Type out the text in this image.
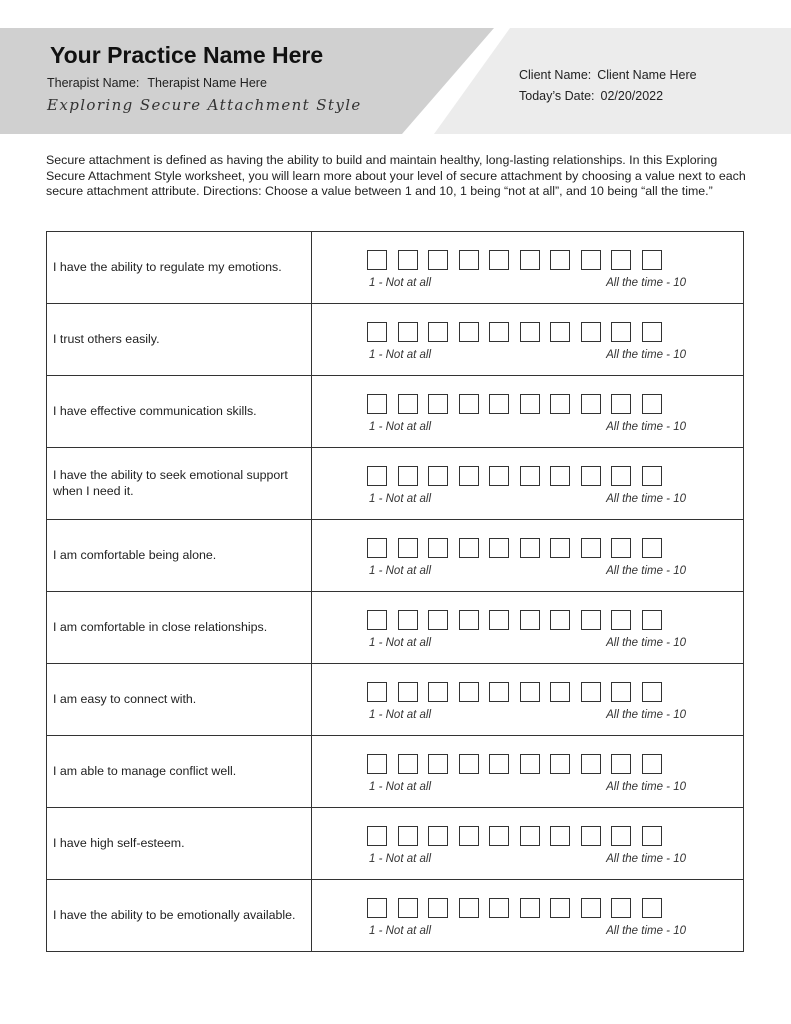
Your Practice Name Here
Therapist Name: Therapist Name Here
Exploring Secure Attachment Style
Client Name: Client Name Here
Today’s Date: 02/20/2022

Secure attachment is defined as having the ability to build and maintain healthy, long-lasting relationships. In this Exploring Secure Attachment Style worksheet, you will learn more about your level of secure attachment by choosing a value next to each secure attachment attribute. Directions: Choose a value between 1 and 10, 1 being “not at all”, and 10 being “all the time.”

I have the ability to regulate my emotions.	1 - Not at all All the time - 10

I trust others easily.	1 - Not at all All the time - 10

I have effective communication skills.	1 - Not at all All the time - 10

I have the ability to seek emotional support when I need it.	1 - Not at all All the time - 10

I am comfortable being alone.	1 - Not at all All the time - 10

I am comfortable in close relationships.	1 - Not at all All the time - 10

I am easy to connect with.	1 - Not at all All the time - 10

I am able to manage conflict well.	1 - Not at all All the time - 10

I have high self-esteem.	1 - Not at all All the time - 10

I have the ability to be emotionally available.	1 - Not at all All the time - 10
